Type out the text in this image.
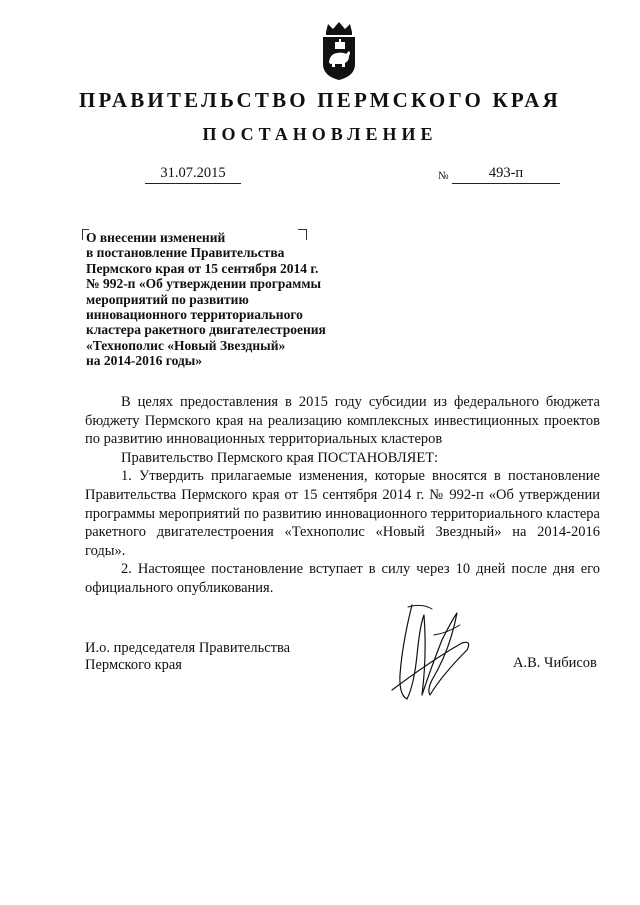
ПРАВИТЕЛЬСТВО ПЕРМСКОГО КРАЯ
ПОСТАНОВЛЕНИЕ
31.07.2015	№	493-п
О внесении изменений
в постановление Правительства
Пермского края от 15 сентября 2014 г.
№ 992-п «Об утверждении программы
мероприятий по развитию
инновационного территориального
кластера ракетного двигателестроения
«Технополис «Новый Звездный»
на 2014-2016 годы»

В целях предоставления в 2015 году субсидии из федерального бюджета бюджету Пермского края на реализацию комплексных инвестиционных проектов по развитию инновационных территориальных кластеров

Правительство Пермского края ПОСТАНОВЛЯЕТ:

1. Утвердить прилагаемые изменения, которые вносятся в постановление Правительства Пермского края от 15 сентября 2014 г. № 992-п «Об утверждении программы мероприятий по развитию инновационного территориального кластера ракетного двигателестроения «Технополис «Новый Звездный» на 2014-2016 годы».

2. Настоящее постановление вступает в силу через 10 дней после дня его официального опубликования.

И.о. председателя Правительства
Пермского края	А.В. Чибисов
